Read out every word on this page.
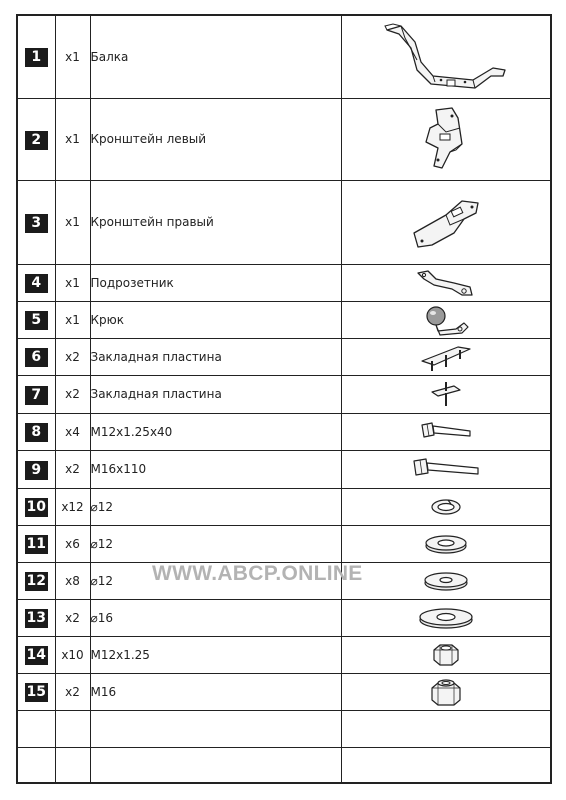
1	x1	Балка	
2	x1	Кронштейн левый	
3	x1	Кронштейн правый	
4	x1	Подрозетник	
5	x1	Крюк	
6	x2	Закладная пластина	
7	x2	Закладная пластина	
8	x4	M12x1.25x40	
9	x2	M16x110	
10	x12	⌀12	
11	x6	⌀12	
12	x8	⌀12	
13	x2	⌀16	
14	x10	M12x1.25	
15	x2	M16	

WWW.ABCP.ONLINE
